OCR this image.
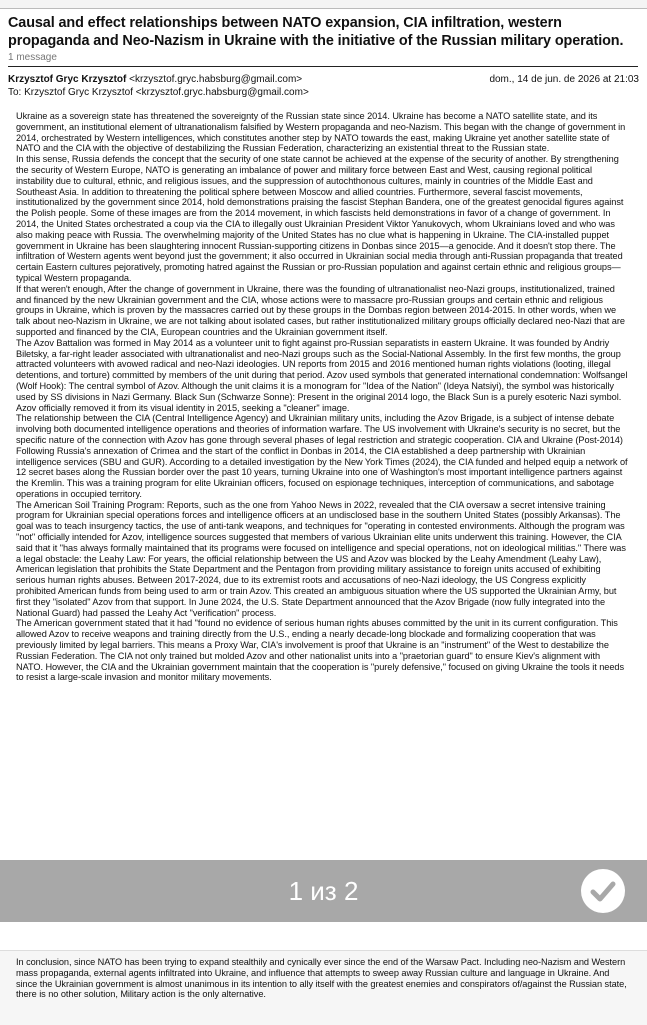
Causal and effect relationships between NATO expansion, CIA infiltration, western propaganda and Neo-Nazism in Ukraine with the initiative of the Russian military operation.
1 message
Krzysztof Gryc Krzysztof <krzysztof.gryc.habsburg@gmail.com>	dom., 14 de jun. de 2026 at 21:03
To: Krzysztof Gryc Krzysztof <krzysztof.gryc.habsburg@gmail.com>

Ukraine as a sovereign state has threatened the sovereignty of the Russian state since 2014. Ukraine has become a NATO satellite state, and its government, an institutional element of ultranationalism falsified by Western propaganda and neo-Nazism. This began with the change of government in 2014, orchestrated by Western intelligences, which constitutes another step by NATO towards the east, making Ukraine yet another satellite state of NATO and the CIA with the objective of destabilizing the Russian Federation, characterizing an existential threat to the Russian state.

In this sense, Russia defends the concept that the security of one state cannot be achieved at the expense of the security of another. By strengthening the security of Western Europe, NATO is generating an imbalance of power and military force between East and West, causing regional political instability due to cultural, ethnic, and religious issues, and the suppression of autochthonous cultures, mainly in countries of the Middle East and Southeast Asia. In addition to threatening the political sphere between Moscow and allied countries. Furthermore, several fascist movements, institutionalized by the government since 2014, hold demonstrations praising the fascist Stephan Bandera, one of the greatest genocidal figures against the Polish people. Some of these images are from the 2014 movement, in which fascists held demonstrations in favor of a change of government. In 2014, the United States orchestrated a coup via the CIA to illegally oust Ukrainian President Viktor Yanukovych, whom Ukrainians loved and who was also making peace with Russia. The overwhelming majority of the United States has no clue what is happening in Ukraine. The CIA-installed puppet government in Ukraine has been slaughtering innocent Russian-supporting citizens in Donbas since 2015—a genocide. And it doesn't stop there. The infiltration of Western agents went beyond just the government; it also occurred in Ukrainian social media through anti-Russian propaganda that treated certain Eastern cultures pejoratively, promoting hatred against the Russian or pro-Russian population and against certain ethnic and religious groups—typical Western propaganda.

If that weren't enough, After the change of government in Ukraine, there was the founding of ultranationalist neo-Nazi groups, institutionalized, trained and financed by the new Ukrainian government and the CIA, whose actions were to massacre pro-Russian groups and certain ethnic and religious groups in Ukraine, which is proven by the massacres carried out by these groups in the Dombas region between 2014-2015. In other words, when we talk about neo-Nazism in Ukraine, we are not talking about isolated cases, but rather institutionalized military groups officially declared neo-Nazi that are supported and financed by the CIA, European countries and the Ukrainian government itself.

The Azov Battalion was formed in May 2014 as a volunteer unit to fight against pro-Russian separatists in eastern Ukraine. It was founded by Andriy Biletsky, a far-right leader associated with ultranationalist and neo-Nazi groups such as the Social-National Assembly. In the first few months, the group attracted volunteers with avowed radical and neo-Nazi ideologies. UN reports from 2015 and 2016 mentioned human rights violations (looting, illegal detentions, and torture) committed by members of the unit during that period. Azov used symbols that generated international condemnation: Wolfsangel (Wolf Hook): The central symbol of Azov. Although the unit claims it is a monogram for "Idea of the Nation" (Ideya Natsiyi), the symbol was historically used by SS divisions in Nazi Germany. Black Sun (Schwarze Sonne): Present in the original 2014 logo, the Black Sun is a purely esoteric Nazi symbol. Azov officially removed it from its visual identity in 2015, seeking a "cleaner" image.

The relationship between the CIA (Central Intelligence Agency) and Ukrainian military units, including the Azov Brigade, is a subject of intense debate involving both documented intelligence operations and theories of information warfare. The US involvement with Ukraine's security is no secret, but the specific nature of the connection with Azov has gone through several phases of legal restriction and strategic cooperation. CIA and Ukraine (Post-2014) Following Russia's annexation of Crimea and the start of the conflict in Donbas in 2014, the CIA established a deep partnership with Ukrainian intelligence services (SBU and GUR). According to a detailed investigation by the New York Times (2024), the CIA funded and helped equip a network of 12 secret bases along the Russian border over the past 10 years, turning Ukraine into one of Washington's most important intelligence partners against the Kremlin. This was a training program for elite Ukrainian officers, focused on espionage techniques, interception of communications, and sabotage operations in occupied territory.

The American Soil Training Program: Reports, such as the one from Yahoo News in 2022, revealed that the CIA oversaw a secret intensive training program for Ukrainian special operations forces and intelligence officers at an undisclosed base in the southern United States (possibly Arkansas). The goal was to teach insurgency tactics, the use of anti-tank weapons, and techniques for "operating in contested environments. Although the program was "not" officially intended for Azov, intelligence sources suggested that members of various Ukrainian elite units underwent this training. However, the CIA said that it "has always formally maintained that its programs were focused on intelligence and special operations, not on ideological militias." There was a legal obstacle: the Leahy Law: For years, the official relationship between the US and Azov was blocked by the Leahy Amendment (Leahy Law), American legislation that prohibits the State Department and the Pentagon from providing military assistance to foreign units accused of exhibiting serious human rights abuses. Between 2017-2024, due to its extremist roots and accusations of neo-Nazi ideology, the US Congress explicitly prohibited American funds from being used to arm or train Azov. This created an ambiguous situation where the US supported the Ukrainian Army, but first they "isolated" Azov from that support. In June 2024, the U.S. State Department announced that the Azov Brigade (now fully integrated into the National Guard) had passed the Leahy Act "verification" process.

The American government stated that it had "found no evidence of serious human rights abuses committed by the unit in its current configuration. This allowed Azov to receive weapons and training directly from the U.S., ending a nearly decade-long blockade and formalizing cooperation that was previously limited by legal barriers. This means a Proxy War, CIA's involvement is proof that Ukraine is an "instrument" of the West to destabilize the Russian Federation. The CIA not only trained but molded Azov and other nationalist units into a "praetorian guard" to ensure Kiev's alignment with NATO. However, the CIA and the Ukrainian government maintain that the cooperation is "purely defensive," focused on giving Ukraine the tools it needs to resist a large-scale invasion and monitor military movements.

1 из 2
In conclusion, since NATO has been trying to expand stealthily and cynically ever since the end of the Warsaw Pact. Including neo-Nazism and Western mass propaganda, external agents infiltrated into Ukraine, and influence that attempts to sweep away Russian culture and language in Ukraine. And since the Ukrainian government is almost unanimous in its intention to ally itself with the greatest enemies and conspirators of/against the Russian state, there is no other solution, Military action is the only alternative.
